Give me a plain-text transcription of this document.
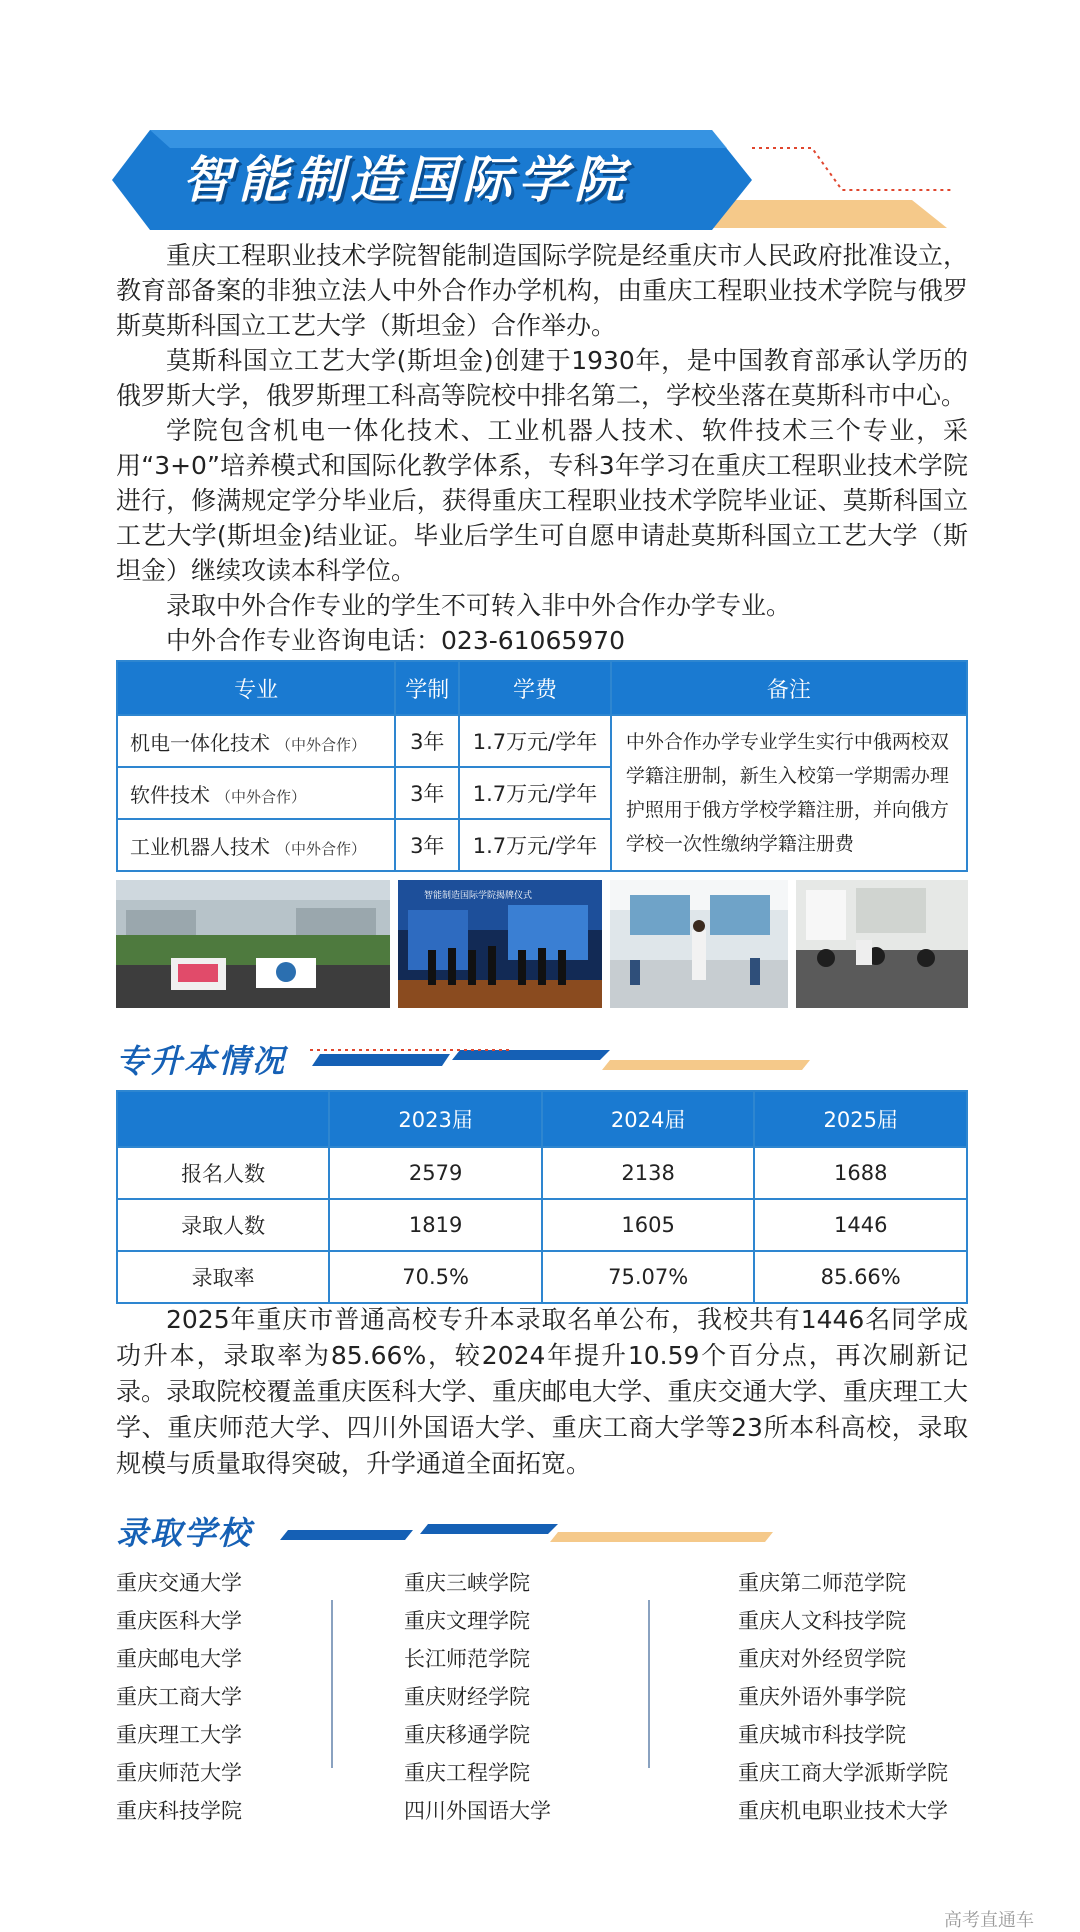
智能制造国际学院

重庆工程职业技术学院智能制造国际学院是经重庆市人民政府批准设立，教育部备案的非独立法人中外合作办学机构，由重庆工程职业技术学院与俄罗斯莫斯科国立工艺大学（斯坦金）合作举办。

莫斯科国立工艺大学(斯坦金)创建于1930年，是中国教育部承认学历的俄罗斯大学，俄罗斯理工科高等院校中排名第二，学校坐落在莫斯科市中心。

学院包含机电一体化技术、工业机器人技术、软件技术三个专业，采用“3+0”培养模式和国际化教学体系，专科3年学习在重庆工程职业技术学院进行，修满规定学分毕业后，获得重庆工程职业技术学院毕业证、莫斯科国立工艺大学(斯坦金)结业证。毕业后学生可自愿申请赴莫斯科国立工艺大学（斯坦金）继续攻读本科学位。

录取中外合作专业的学生不可转入非中外合作办学专业。

中外合作专业咨询电话：023-61065970

专业	学制	学费	备注
机电一体化技术 （中外合作）	3年	1.7万元/学年	中外合作办学专业学生实行中俄两校双学籍注册制，新生入校第一学期需办理护照用于俄方学校学籍注册，并向俄方学校一次性缴纳学籍注册费
软件技术 （中外合作）	3年	1.7万元/学年	
工业机器人技术 （中外合作）	3年	1.7万元/学年	
智能制造国际学院揭牌仪式
专升本情况
	2023届	2024届	2025届
报名人数	2579	2138	1688
录取人数	1819	1605	1446
录取率	70.5%	75.07%	85.66%

2025年重庆市普通高校专升本录取名单公布，我校共有1446名同学成功升本，录取率为85.66%，较2024年提升10.59个百分点，再次刷新记录。录取院校覆盖重庆医科大学、重庆邮电大学、重庆交通大学、重庆理工大学、重庆师范大学、四川外国语大学、重庆工商大学等23所本科高校，录取规模与质量取得突破，升学通道全面拓宽。

录取学校
重庆交通大学
重庆医科大学
重庆邮电大学
重庆工商大学
重庆理工大学
重庆师范大学
重庆科技学院
重庆三峡学院
重庆文理学院
长江师范学院
重庆财经学院
重庆移通学院
重庆工程学院
四川外国语大学
重庆第二师范学院
重庆人文科技学院
重庆对外经贸学院
重庆外语外事学院
重庆城市科技学院
重庆工商大学派斯学院
重庆机电职业技术大学
高考直通车
